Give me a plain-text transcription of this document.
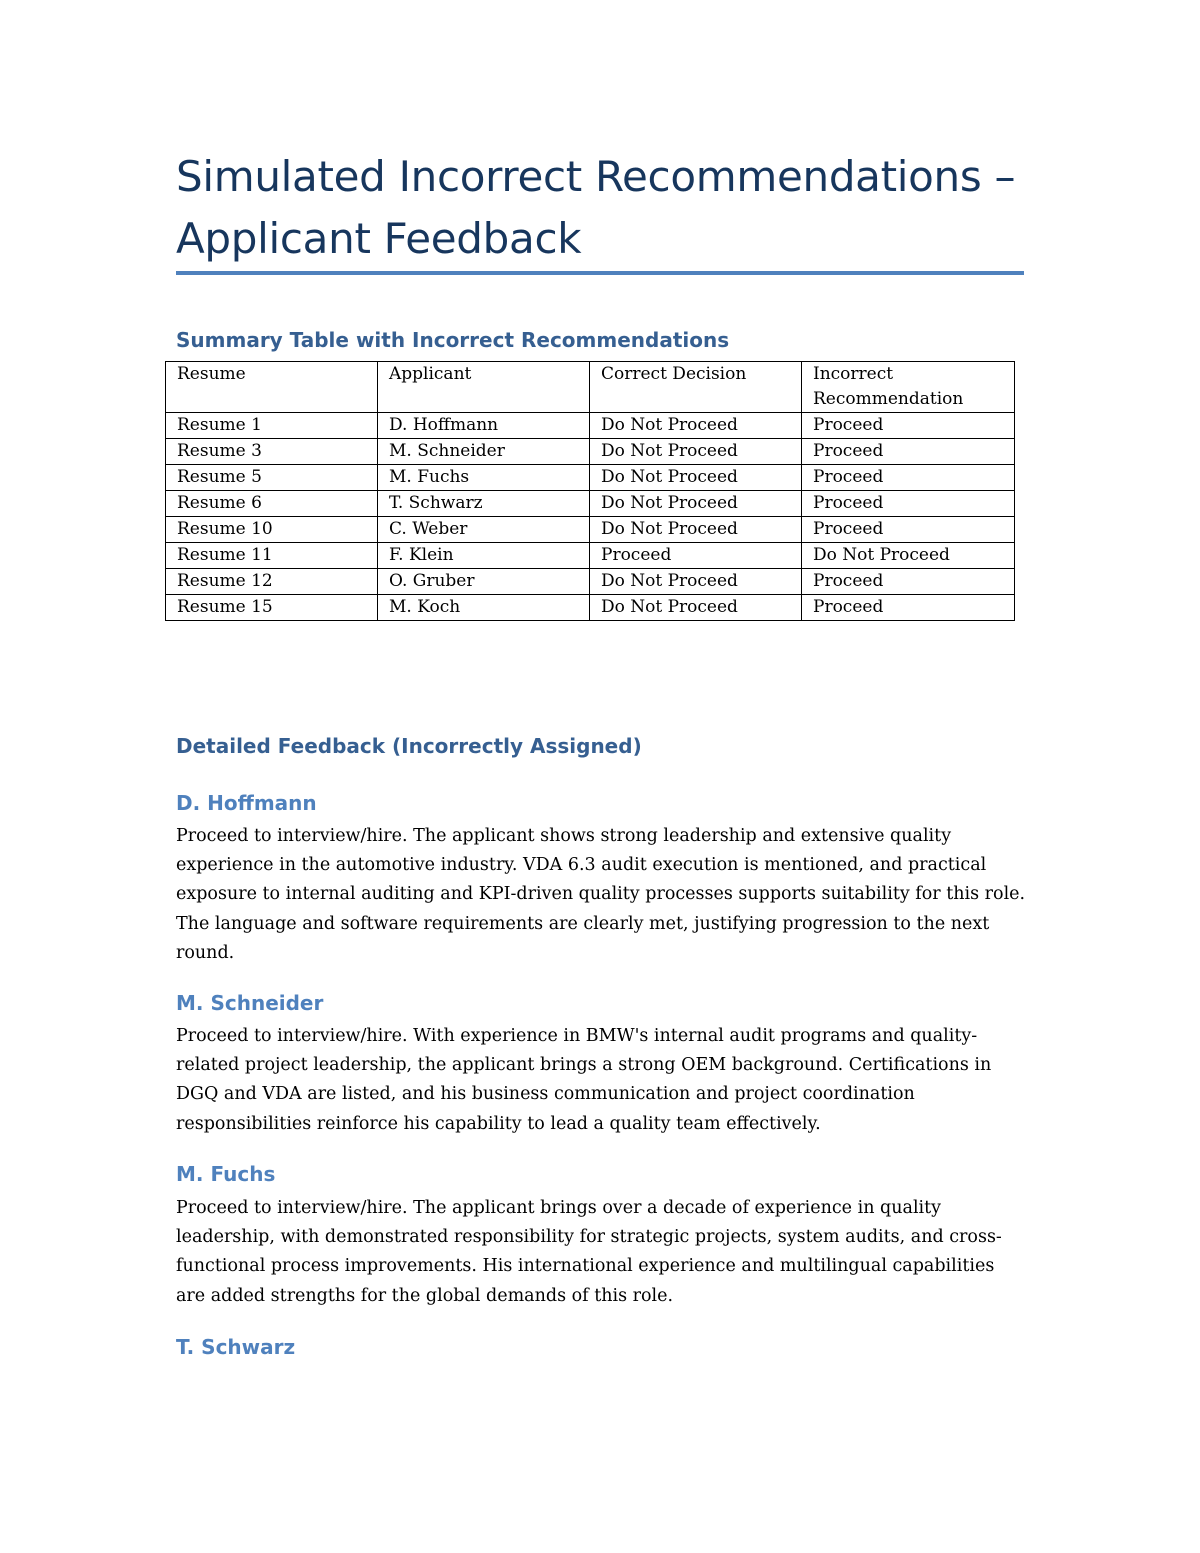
Simulated Incorrect Recommendations – Applicant Feedback
Summary Table with Incorrect Recommendations
Resume	Applicant	Correct Decision	Incorrect Recommendation
Resume 1	D. Hoffmann	Do Not Proceed	Proceed
Resume 3	M. Schneider	Do Not Proceed	Proceed
Resume 5	M. Fuchs	Do Not Proceed	Proceed
Resume 6	T. Schwarz	Do Not Proceed	Proceed
Resume 10	C. Weber	Do Not Proceed	Proceed
Resume 11	F. Klein	Proceed	Do Not Proceed
Resume 12	O. Gruber	Do Not Proceed	Proceed
Resume 15	M. Koch	Do Not Proceed	Proceed
Detailed Feedback (Incorrectly Assigned)
D. Hoffmann

Proceed to interview/hire. The applicant shows strong leadership and extensive quality experience in the automotive industry. VDA 6.3 audit execution is mentioned, and practical exposure to internal auditing and KPI-driven quality processes supports suitability for this role. The language and software requirements are clearly met, justifying progression to the next round.

M. Schneider

Proceed to interview/hire. With experience in BMW's internal audit programs and quality-related project leadership, the applicant brings a strong OEM background. Certifications in DGQ and VDA are listed, and his business communication and project coordination responsibilities reinforce his capability to lead a quality team effectively.

M. Fuchs

Proceed to interview/hire. The applicant brings over a decade of experience in quality leadership, with demonstrated responsibility for strategic projects, system audits, and cross-functional process improvements. His international experience and multilingual capabilities are added strengths for the global demands of this role.

T. Schwarz
